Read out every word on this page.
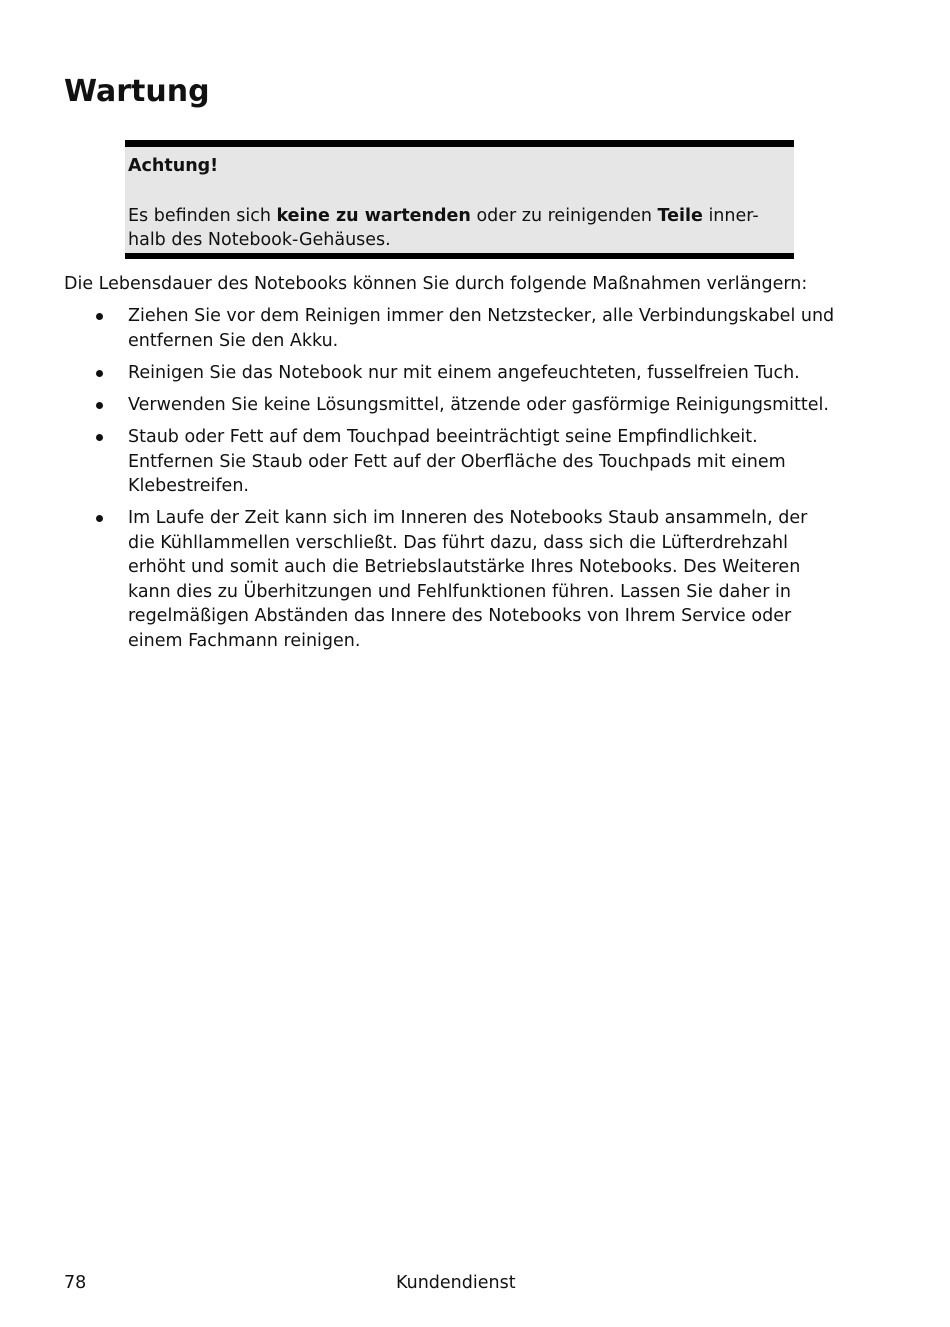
Wartung
Achtung!
Es befinden sich keine zu wartenden oder zu reinigenden Teile inner-
halb des Notebook-Gehäuses.
Die Lebensdauer des Notebooks können Sie durch folgende Maßnahmen verlängern:
Ziehen Sie vor dem Reinigen immer den Netzstecker, alle Verbindungskabel und
entfernen Sie den Akku.
Reinigen Sie das Notebook nur mit einem angefeuchteten, fusselfreien Tuch.
Verwenden Sie keine Lösungsmittel, ätzende oder gasförmige Reinigungsmittel.
Staub oder Fett auf dem Touchpad beeinträchtigt seine Empfindlichkeit.
Entfernen Sie Staub oder Fett auf der Oberfläche des Touchpads mit einem
Klebestreifen.
Im Laufe der Zeit kann sich im Inneren des Notebooks Staub ansammeln, der
die Kühllammellen verschließt. Das führt dazu, dass sich die Lüfterdrehzahl
erhöht und somit auch die Betriebslautstärke Ihres Notebooks. Des Weiteren
kann dies zu Überhitzungen und Fehlfunktionen führen. Lassen Sie daher in
regelmäßigen Abständen das Innere des Notebooks von Ihrem Service oder
einem Fachmann reinigen.
78	Kundendienst
